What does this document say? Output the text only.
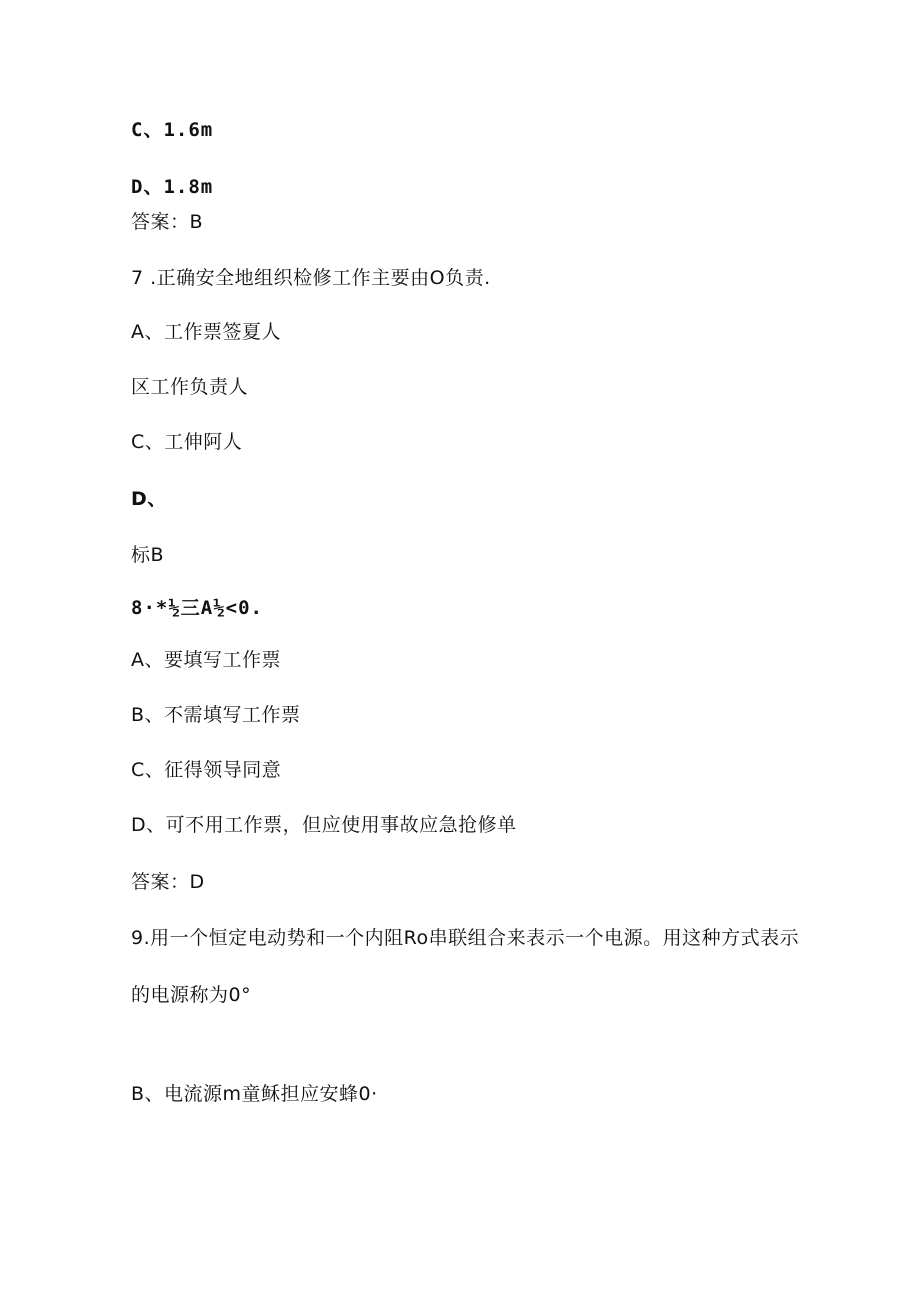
C、1.6m
D、1.8m
答案：B
7 .正确安全地组织检修工作主要由O负责.
A、工作票签夏人
区工作负责人
C、工伸阿人
D、
标B
8·*½三A½<0.
A、要填写工作票
B、不需填写工作票
C、征得领导同意
D、可不用工作票，但应使用事故应急抢修单
答案：D
9.用一个恒定电动势和一个内阻Ro串联组合来表示一个电源。用这种方式表示
的电源称为0°
B、电流源m童稣担应安蜂0·
